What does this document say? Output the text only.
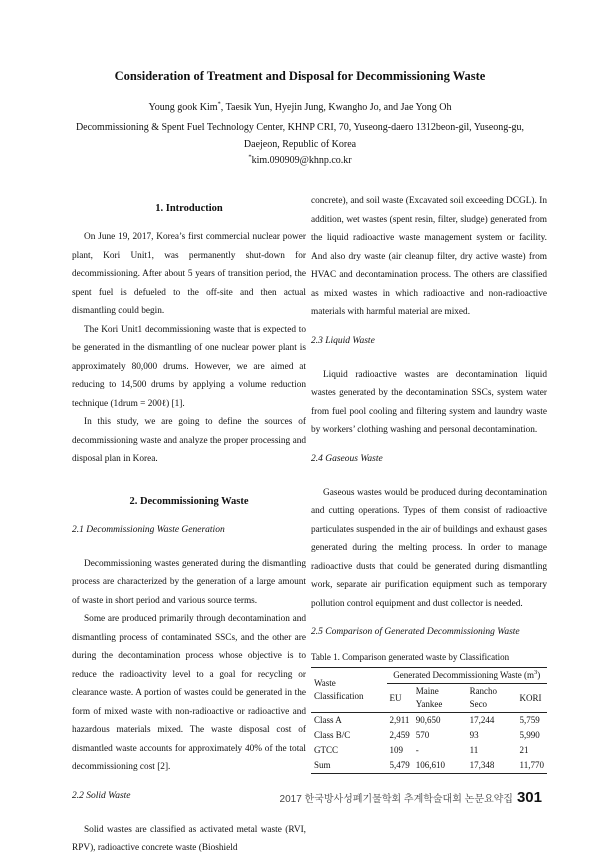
Consideration of Treatment and Disposal for Decommissioning Waste
Young gook Kim*, Taesik Yun, Hyejin Jung, Kwangho Jo, and Jae Yong Oh
Decommissioning & Spent Fuel Technology Center, KHNP CRI, 70, Yuseong-daero 1312beon-gil, Yuseong-gu,
Daejeon, Republic of Korea
*kim.090909@khnp.co.kr
1. Introduction

On June 19, 2017, Korea’s first commercial nuclear power plant, Kori Unit1, was permanently shut-down for decommissioning. After about 5 years of transition period, the spent fuel is defueled to the off-site and then actual dismantling could begin.

The Kori Unit1 decommissioning waste that is expected to be generated in the dismantling of one nuclear power plant is approximately 80,000 drums. However, we are aimed at reducing to 14,500 drums by applying a volume reduction technique (1drum = 200ℓ) [1].

In this study, we are going to define the sources of decommissioning waste and analyze the proper processing and disposal plan in Korea.

2. Decommissioning Waste
2.1 Decommissioning Waste Generation

Decommissioning wastes generated during the dismantling process are characterized by the generation of a large amount of waste in short period and various source terms.

Some are produced primarily through decontamination and dismantling process of contaminated SSCs, and the other are during the decontamination process whose objective is to reduce the radioactivity level to a goal for recycling or clearance waste. A portion of wastes could be generated in the form of mixed waste with non-radioactive or radioactive and hazardous materials mixed. The waste disposal cost of dismantled waste accounts for approximately 40% of the total decommissioning cost [2].

2.2 Solid Waste

Solid wastes are classified as activated metal waste (RVI, RPV), radioactive concrete waste (Bioshield

concrete), and soil waste (Excavated soil exceeding DCGL). In addition, wet wastes (spent resin, filter, sludge) generated from the liquid radioactive waste management system or facility. And also dry waste (air cleanup filter, dry active waste) from HVAC and decontamination process. The others are classified as mixed wastes in which radioactive and non-radioactive materials with harmful material are mixed.

2.3 Liquid Waste

Liquid radioactive wastes are decontamination liquid wastes generated by the decontamination SSCs, system water from fuel pool cooling and filtering system and laundry waste by workers’ clothing washing and personal decontamination.

2.4 Gaseous Waste

Gaseous wastes would be produced during decontamination and cutting operations. Types of them consist of radioactive particulates suspended in the air of buildings and exhaust gases generated during the melting process. In order to manage radioactive dusts that could be generated during dismantling work, separate air purification equipment such as temporary pollution control equipment and dust collector is needed.

2.5 Comparison of Generated Decommissioning Waste
Table 1. Comparison generated waste by Classification
Waste Classification	Generated Decommissioning Waste $(m^3)$			
	EU	Maine Yankee	Rancho Seco	KORI
Class A	2,911	90,650	17,244	5,759
Class B/C	2,459	570	93	5,990
GTCC	109	-	11	21
Sum	5,479	106,610	17,348	11,770
2017 한국방사성폐기물학회 추계학술대회 논문요약집 301
